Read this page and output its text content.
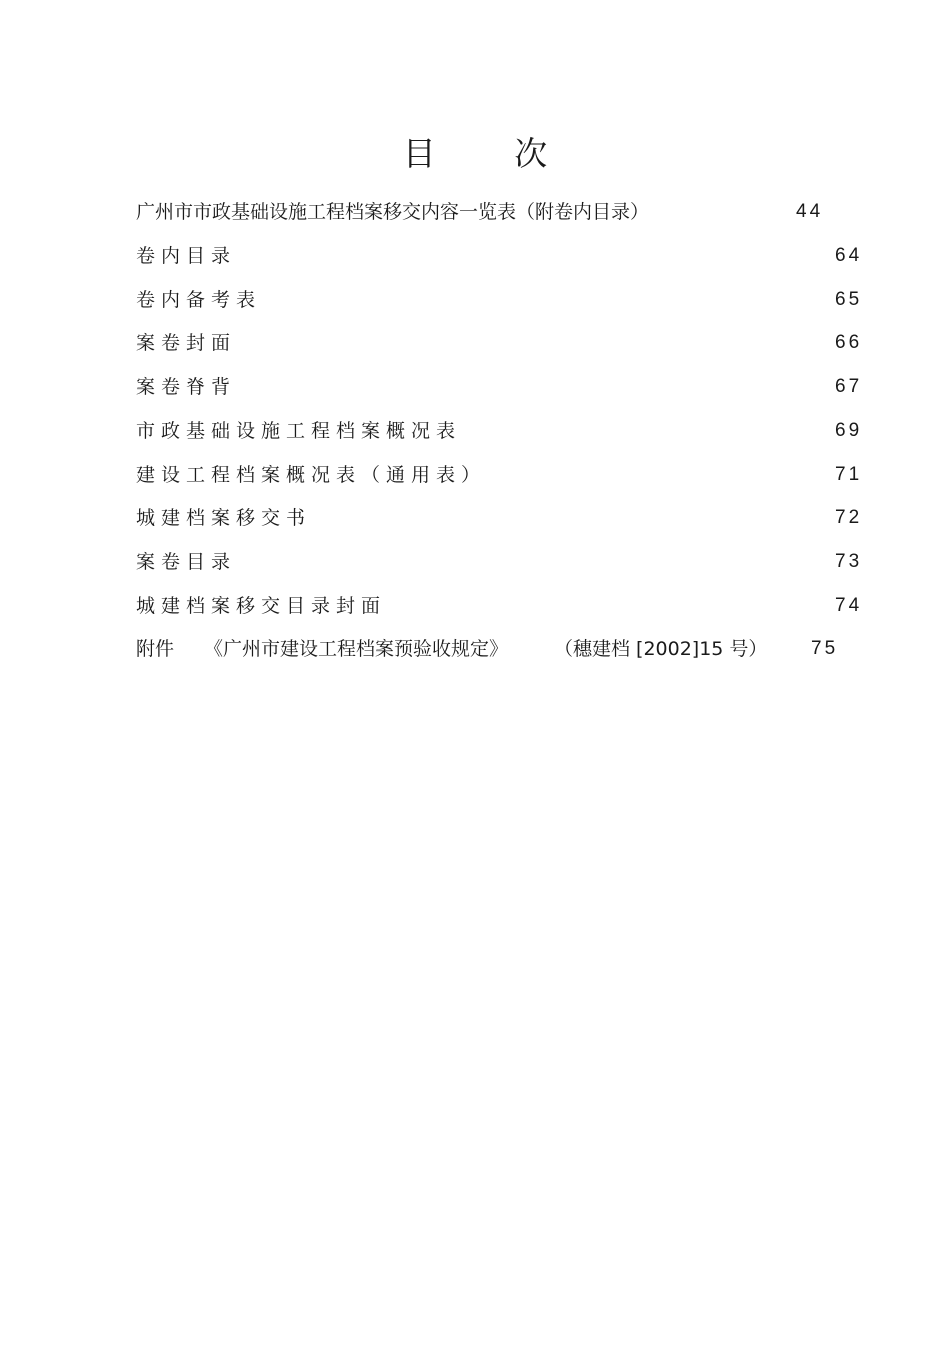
目 次
广州市市政基础设施工程档案移交内容一览表（附卷内目录）	44
卷内目录	64
卷内备考表	65
案卷封面	66
案卷脊背	67
市政基础设施工程档案概况表	69
建设工程档案概况表（通用表）	71
城建档案移交书	72
案卷目录	73
城建档案移交目录封面	74
附件 《广州市建设工程档案预验收规定》 （穗建档 [2002]15 号） 75
